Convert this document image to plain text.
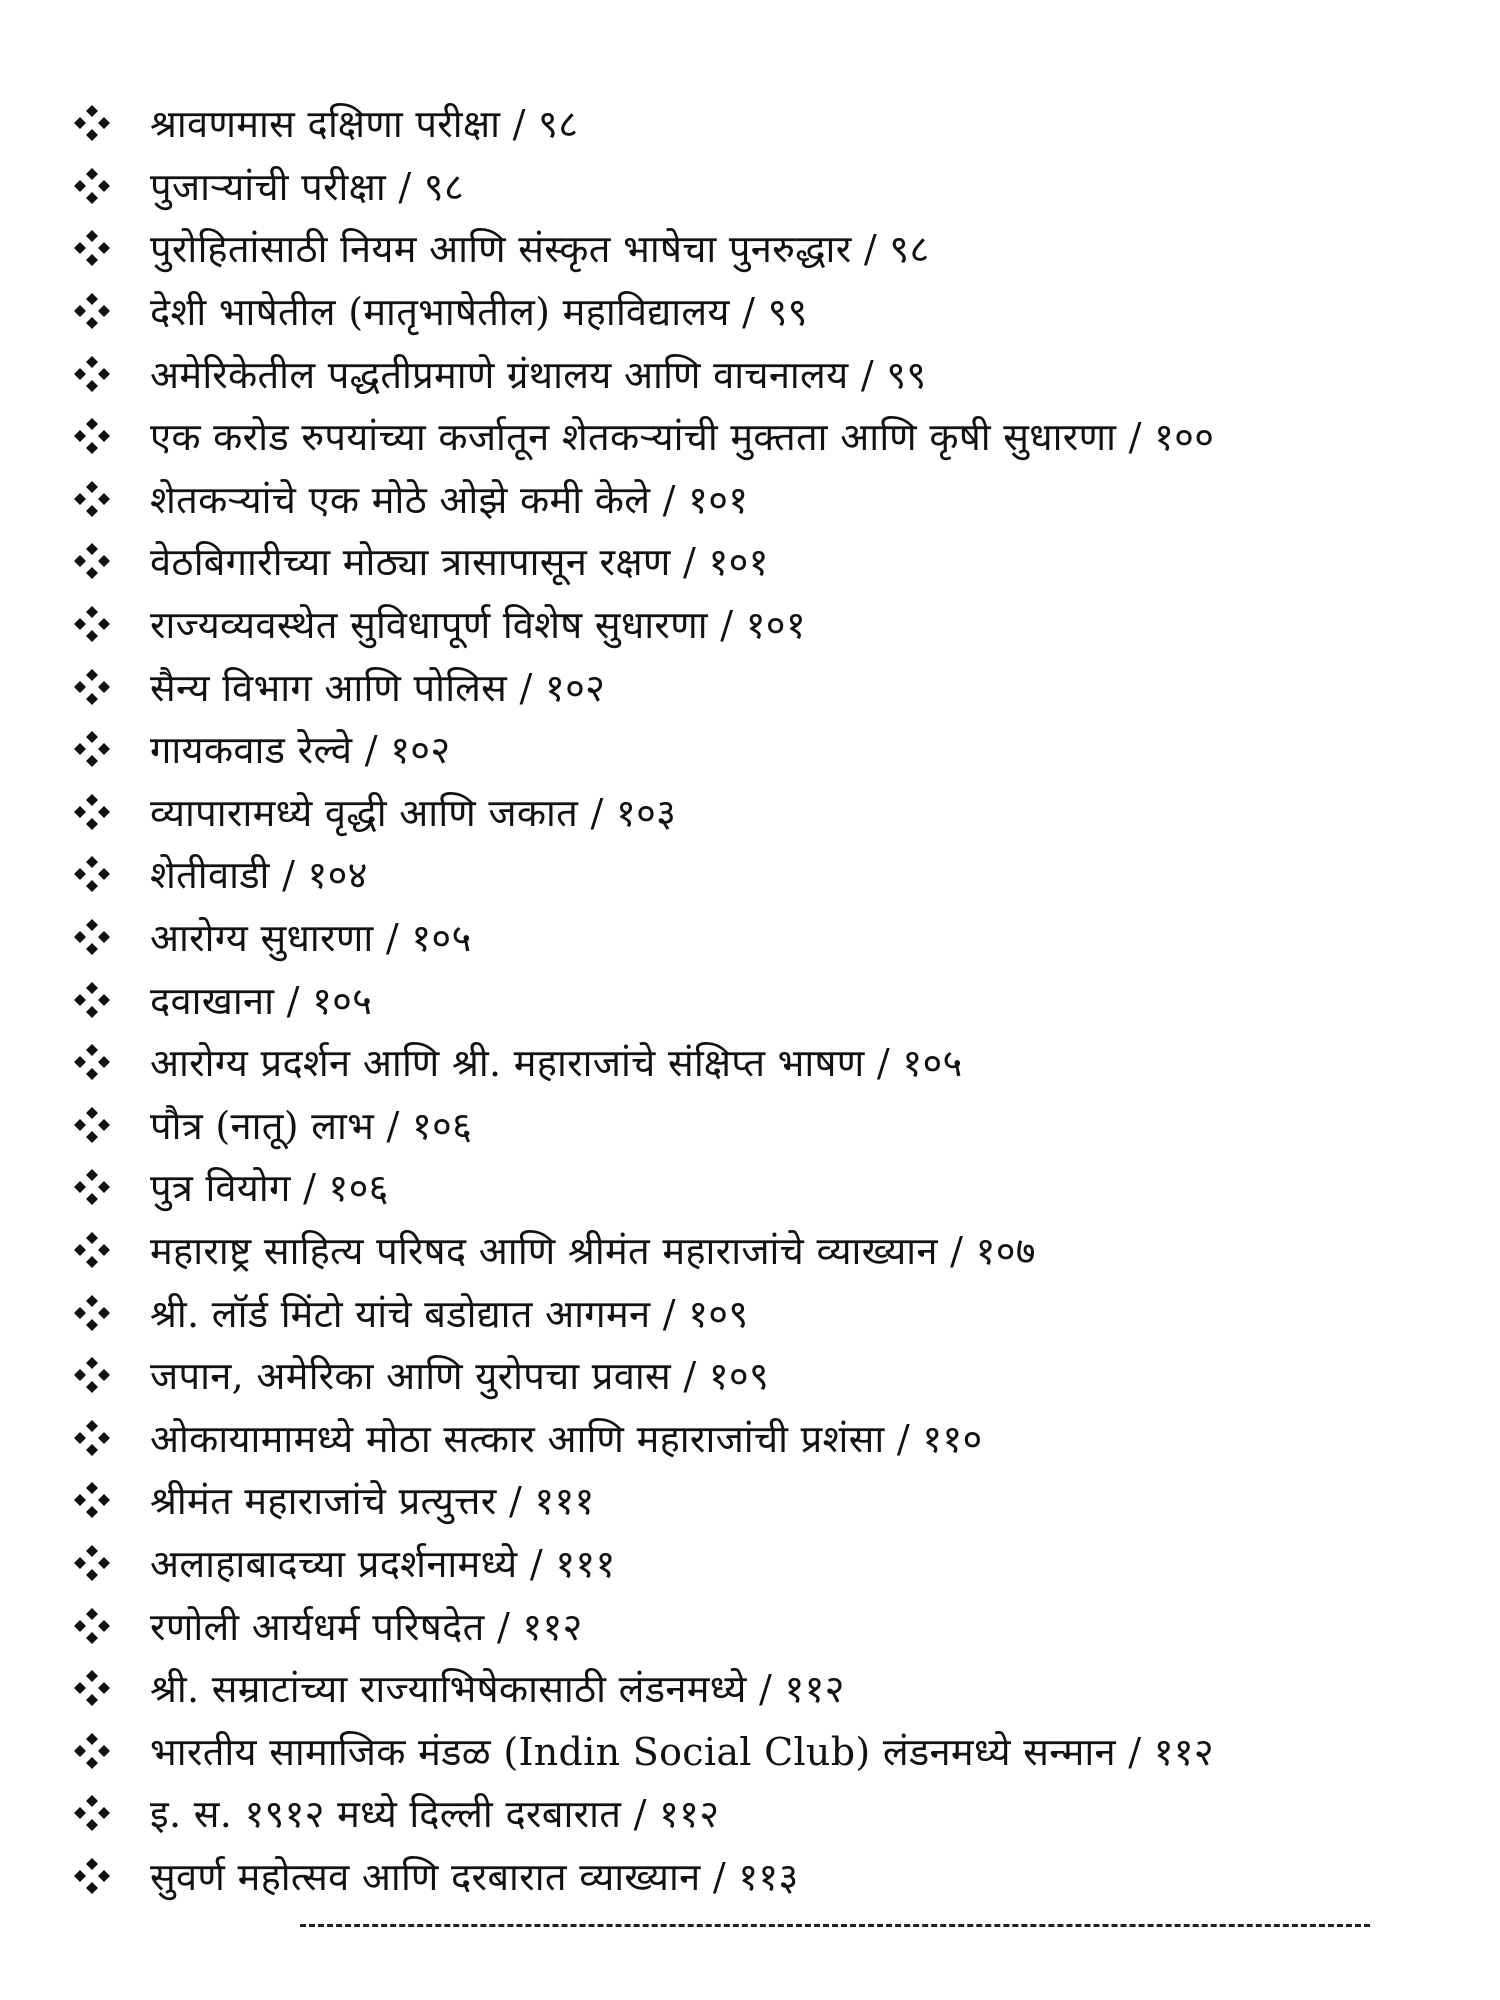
श्रावणमास दक्षिणा परीक्षा / ९८
पुजाऱ्यांची परीक्षा / ९८
पुरोहितांसाठी नियम आणि संस्कृत भाषेचा पुनरुद्धार / ९८
देशी भाषेतील (मातृभाषेतील) महाविद्यालय / ९९
अमेरिकेतील पद्धतीप्रमाणे ग्रंथालय आणि वाचनालय / ९९
एक करोड रुपयांच्या कर्जातून शेतकऱ्यांची मुक्तता आणि कृषी सुधारणा / १००
शेतकऱ्यांचे एक मोठे ओझे कमी केले / १०१
वेठबिगारीच्या मोठ्या त्रासापासून रक्षण / १०१
राज्यव्यवस्थेत सुविधापूर्ण विशेष सुधारणा / १०१
सैन्य विभाग आणि पोलिस / १०२
गायकवाड रेल्वे / १०२
व्यापारामध्ये वृद्धी आणि जकात / १०३
शेतीवाडी / १०४
आरोग्य सुधारणा / १०५
दवाखाना / १०५
आरोग्य प्रदर्शन आणि श्री. महाराजांचे संक्षिप्त भाषण / १०५
पौत्र (नातू) लाभ / १०६
पुत्र वियोग / १०६
महाराष्ट्र साहित्य परिषद आणि श्रीमंत महाराजांचे व्याख्यान / १०७
श्री. लॉर्ड मिंटो यांचे बडोद्यात आगमन / १०९
जपान, अमेरिका आणि युरोपचा प्रवास / १०९
ओकायामामध्ये मोठा सत्कार आणि महाराजांची प्रशंसा / ११०
श्रीमंत महाराजांचे प्रत्युत्तर / १११
अलाहाबादच्या प्रदर्शनामध्ये / १११
रणोली आर्यधर्म परिषदेत / ११२
श्री. सम्राटांच्या राज्याभिषेकासाठी लंडनमध्ये / ११२
भारतीय सामाजिक मंडळ (Indin Social Club) लंडनमध्ये सन्मान / ११२
इ. स. १९१२ मध्ये दिल्ली दरबारात / ११२
सुवर्ण महोत्सव आणि दरबारात व्याख्यान / ११३
